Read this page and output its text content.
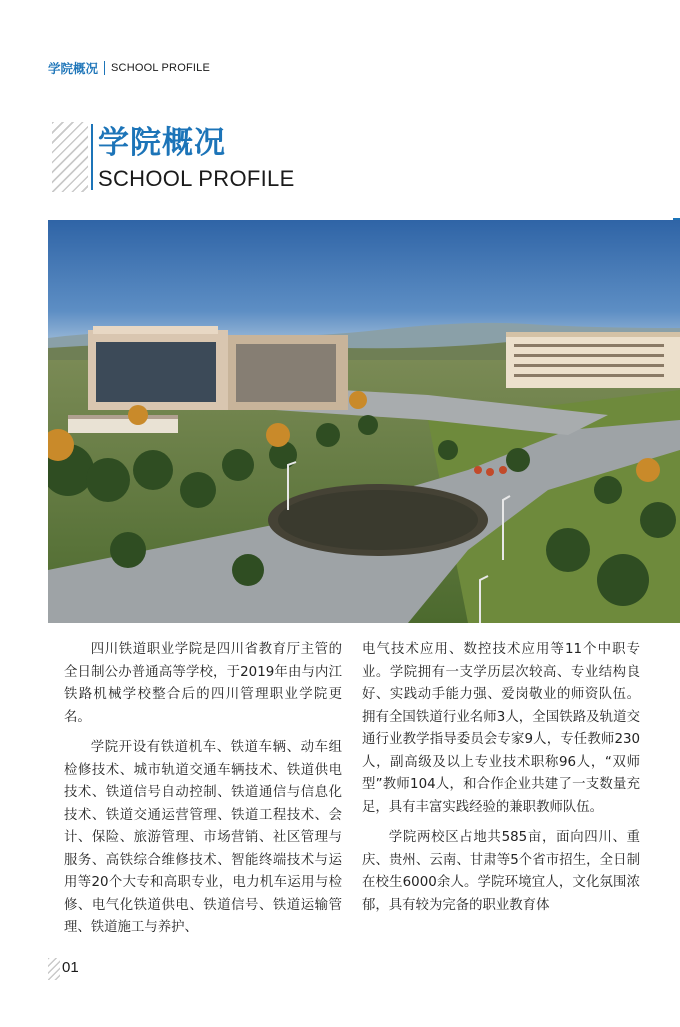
学院概况 SCHOOL PROFILE
学院概况
SCHOOL PROFILE

四川铁道职业学院是四川省教育厅主管的全日制公办普通高等学校，于2019年由与内江铁路机械学校整合后的四川管理职业学院更名。

学院开设有铁道机车、铁道车辆、动车组检修技术、城市轨道交通车辆技术、铁道供电技术、铁道信号自动控制、铁道通信与信息化技术、铁道交通运营管理、铁道工程技术、会计、保险、旅游管理、市场营销、社区管理与服务、高铁综合维修技术、智能终端技术与运用等20个大专和高职专业，电力机车运用与检修、电气化铁道供电、铁道信号、铁道运输管理、铁道施工与养护、

电气技术应用、数控技术应用等11个中职专业。学院拥有一支学历层次较高、专业结构良好、实践动手能力强、爱岗敬业的师资队伍。拥有全国铁道行业名师3人，全国铁路及轨道交通行业教学指导委员会专家9人，专任教师230人，副高级及以上专业技术职称96人，“双师型”教师104人，和合作企业共建了一支数量充足，具有丰富实践经验的兼职教师队伍。

学院两校区占地共585亩，面向四川、重庆、贵州、云南、甘肃等5个省市招生，全日制在校生6000余人。学院环境宜人，文化氛围浓郁，具有较为完备的职业教育体

01
